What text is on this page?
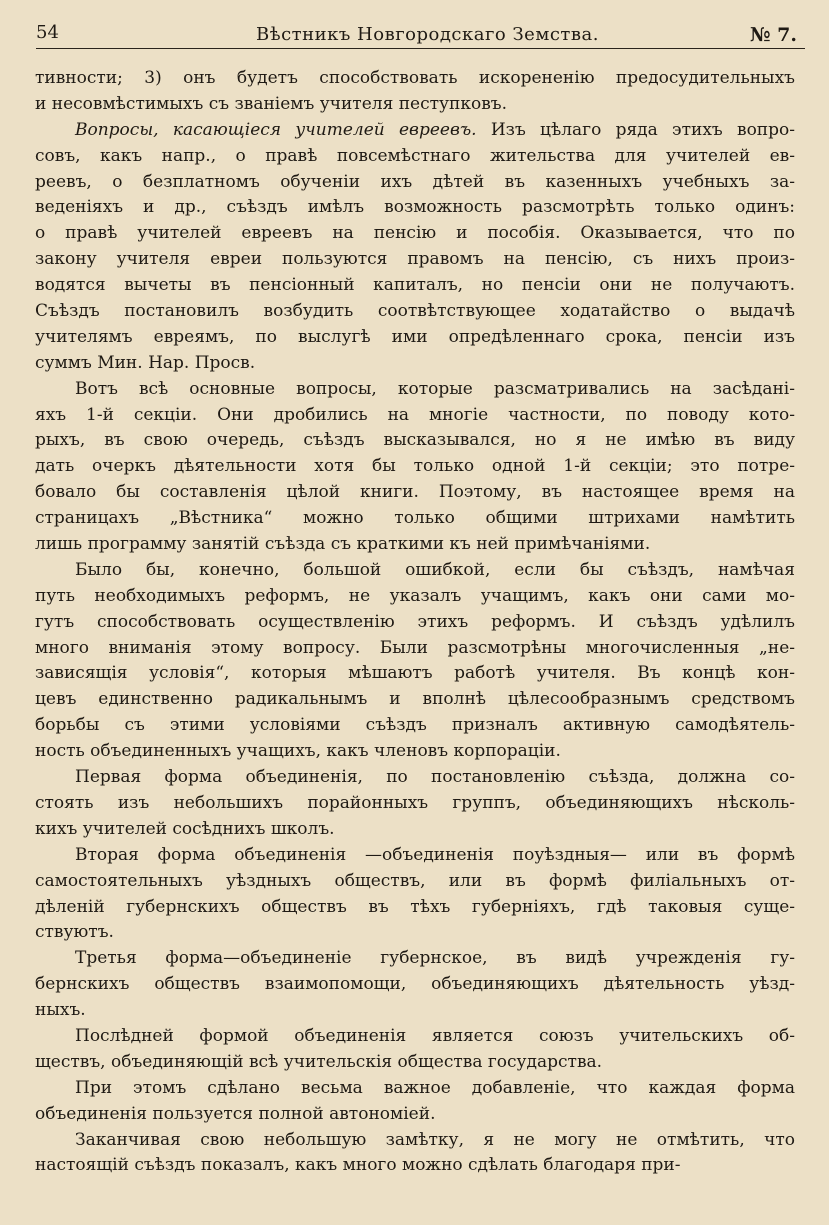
54	Вѣстникъ Новгородскаго Земства.	№ 7.
тивности; 3) онъ будетъ способствовать искорененію предосудительныхъ
и несовмѣстимыхъ съ званіемъ учителя пеступковъ.
Вопросы, касающіеся учителей евреевъ. Изъ цѣлаго ряда этихъ вопро-
совъ, какъ напр., о правѣ повсемѣстнаго жительства для учителей ев-
реевъ, о безплатномъ обученіи ихъ дѣтей въ казенныхъ учебныхъ за-
веденіяхъ и др., съѣздъ имѣлъ возможность разсмотрѣть только одинъ:
о правѣ учителей евреевъ на пенсію и пособія. Оказывается, что по
закону учителя евреи пользуются правомъ на пенсію, съ нихъ произ-
водятся вычеты въ пенсіонный капиталъ, но пенсіи они не получаютъ.
Съѣздъ постановилъ возбудить соотвѣтствующее ходатайство о выдачѣ
учителямъ евреямъ, по выслугѣ ими опредѣленнаго срока, пенсіи изъ
суммъ Мин. Нар. Просв.
Вотъ всѣ основные вопросы, которые разсматривались на засѣданi-
яхъ 1-й секціи. Они дробились на многіе частности, по поводу кото-
рыхъ, въ свою очередь, съѣздъ высказывался, но я не имѣю въ виду
дать очеркъ дѣятельности хотя бы только одной 1-й секціи; это потре-
бовало бы составленія цѣлой книги. Поэтому, въ настоящее время на
страницахъ „Вѣстника“ можно только общими штрихами намѣтить
лишь программу занятій съѣзда съ краткими къ ней примѣчаніями.
Было бы, конечно, большой ошибкой, если бы съѣздъ, намѣчая
путь необходимыхъ реформъ, не указалъ учащимъ, какъ они сами мо-
гутъ способствовать осуществленію этихъ реформъ. И съѣздъ удѣлилъ
много вниманія этому вопросу. Были разсмотрѣны многочисленныя „не-
зависящія условія“, которыя мѣшаютъ работѣ учителя. Въ концѣ кон-
цевъ единственно радикальнымъ и вполнѣ цѣлесообразнымъ средствомъ
борьбы съ этими условіями съѣздъ призналъ активную самодѣятель-
ность объединенныхъ учащихъ, какъ членовъ корпораціи.
Первая форма объединенія, по постановленію съѣзда, должна со-
стоять изъ небольшихъ порайонныхъ группъ, объединяющихъ нѣсколь-
кихъ учителей сосѣднихъ школъ.
Вторая форма объединенія —объединенія поуѣздныя— или въ формѣ
самостоятельныхъ уѣздныхъ обществъ, или въ формѣ филіальныхъ от-
дѣленій губернскихъ обществъ въ тѣхъ губерніяхъ, гдѣ таковыя суще-
ствуютъ.
Третья форма—объединеніе губернское, въ видѣ учрежденія гу-
бернскихъ обществъ взаимопомощи, объединяющихъ дѣятельность уѣзд-
ныхъ.
Послѣдней формой объединенія является союзъ учительскихъ об-
ществъ, объединяющій всѣ учительскія общества государства.
При этомъ сдѣлано весьма важное добавленіе, что каждая форма
объединенія пользуется полной автономіей.
Заканчивая свою небольшую замѣтку, я не могу не отмѣтить, что
настоящій съѣздъ показалъ, какъ много можно сдѣлать благодаря при-
